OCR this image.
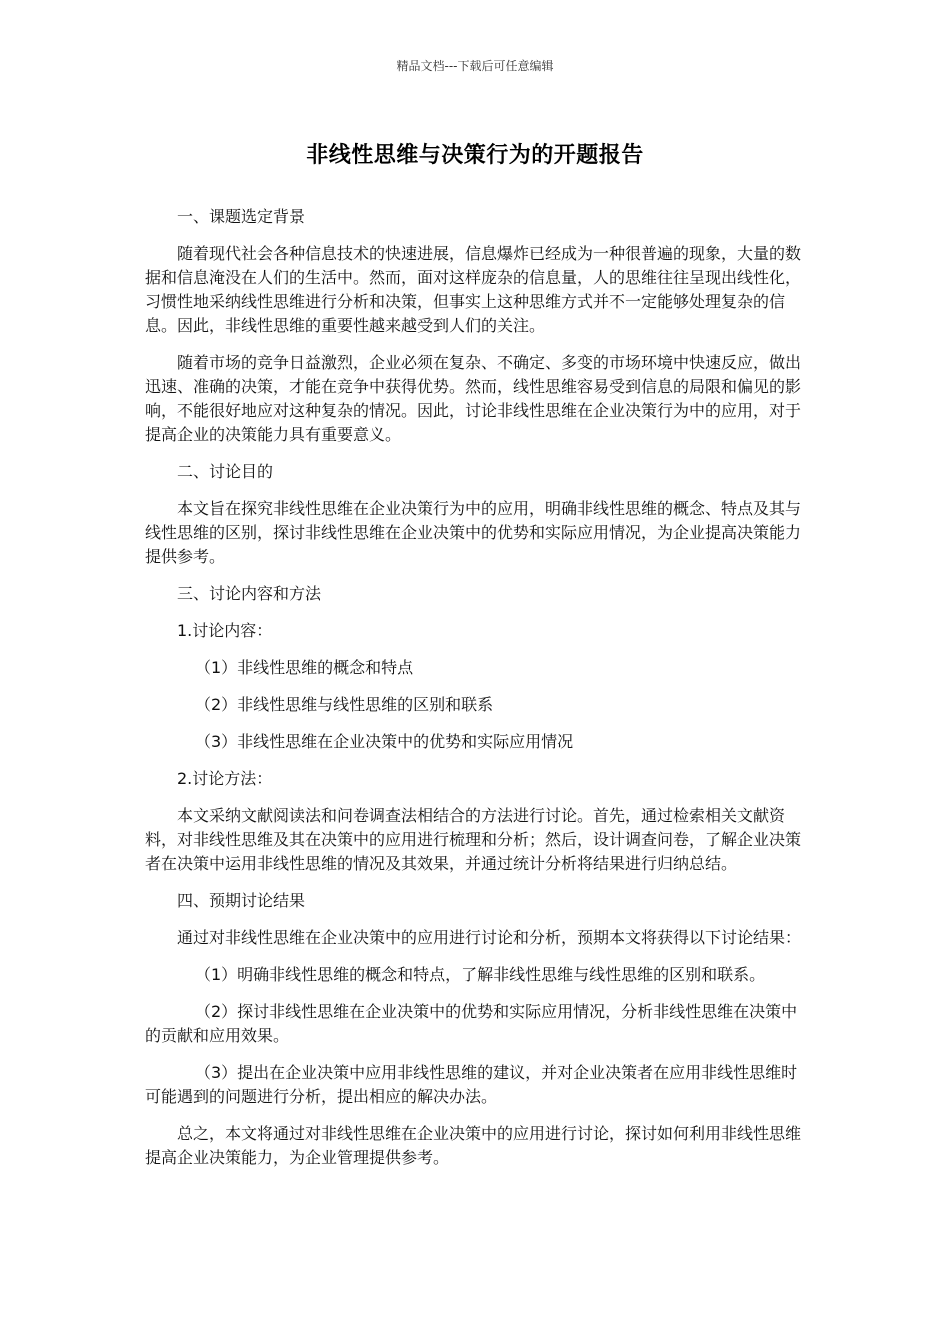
精品文档---下载后可任意编辑
非线性思维与决策行为的开题报告

一、课题选定背景

随着现代社会各种信息技术的快速进展，信息爆炸已经成为一种很普遍的现象，大量的数据和信息淹没在人们的生活中。然而，面对这样庞杂的信息量，人的思维往往呈现出线性化，习惯性地采纳线性思维进行分析和决策，但事实上这种思维方式并不一定能够处理复杂的信息。因此，非线性思维的重要性越来越受到人们的关注。

随着市场的竞争日益激烈，企业必须在复杂、不确定、多变的市场环境中快速反应，做出迅速、准确的决策，才能在竞争中获得优势。然而，线性思维容易受到信息的局限和偏见的影响，不能很好地应对这种复杂的情况。因此，讨论非线性思维在企业决策行为中的应用，对于提高企业的决策能力具有重要意义。

二、讨论目的

本文旨在探究非线性思维在企业决策行为中的应用，明确非线性思维的概念、特点及其与线性思维的区别，探讨非线性思维在企业决策中的优势和实际应用情况，为企业提高决策能力提供参考。

三、讨论内容和方法

1.讨论内容：

（1）非线性思维的概念和特点

（2）非线性思维与线性思维的区别和联系

（3）非线性思维在企业决策中的优势和实际应用情况

2.讨论方法：

本文采纳文献阅读法和问卷调查法相结合的方法进行讨论。首先，通过检索相关文献资料，对非线性思维及其在决策中的应用进行梳理和分析；然后，设计调查问卷，了解企业决策者在决策中运用非线性思维的情况及其效果，并通过统计分析将结果进行归纳总结。

四、预期讨论结果

通过对非线性思维在企业决策中的应用进行讨论和分析，预期本文将获得以下讨论结果：

（1）明确非线性思维的概念和特点，了解非线性思维与线性思维的区别和联系。

（2）探讨非线性思维在企业决策中的优势和实际应用情况，分析非线性思维在决策中的贡献和应用效果。

（3）提出在企业决策中应用非线性思维的建议，并对企业决策者在应用非线性思维时可能遇到的问题进行分析，提出相应的解决办法。

总之，本文将通过对非线性思维在企业决策中的应用进行讨论，探讨如何利用非线性思维提高企业决策能力，为企业管理提供参考。
